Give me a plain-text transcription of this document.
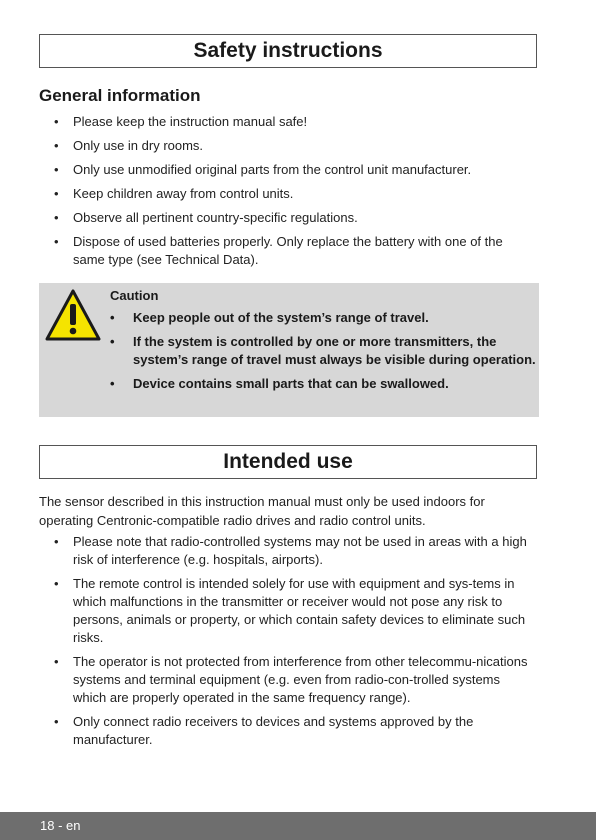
Safety instructions
General information
• Please keep the instruction manual safe!
• Only use in dry rooms.
• Only use unmodified original parts from the control unit manufacturer.
• Keep children away from control units.
• Observe all pertinent country-specific regulations.
• Dispose of used batteries properly. Only replace the battery with one of the same type (see Technical Data).
Caution
• Keep people out of the system’s range of travel.
• If the system is controlled by one or more transmitters, the system’s range of travel must always be visible during operation.
• Device contains small parts that can be swallowed.
Intended use
The sensor described in this instruction manual must only be used indoors for operating Centronic-compatible radio drives and radio control units.
• Please note that radio-controlled systems may not be used in areas with a high risk of interference (e.g. hospitals, airports).
• The remote control is intended solely for use with equipment and sys-tems in which malfunctions in the transmitter or receiver would not pose any risk to persons, animals or property, or which contain safety devices to eliminate such risks.
• The operator is not protected from interference from other telecommu-nications systems and terminal equipment (e.g. even from radio-con-trolled systems which are properly operated in the same frequency range).
• Only connect radio receivers to devices and systems approved by the manufacturer.
18 - en
